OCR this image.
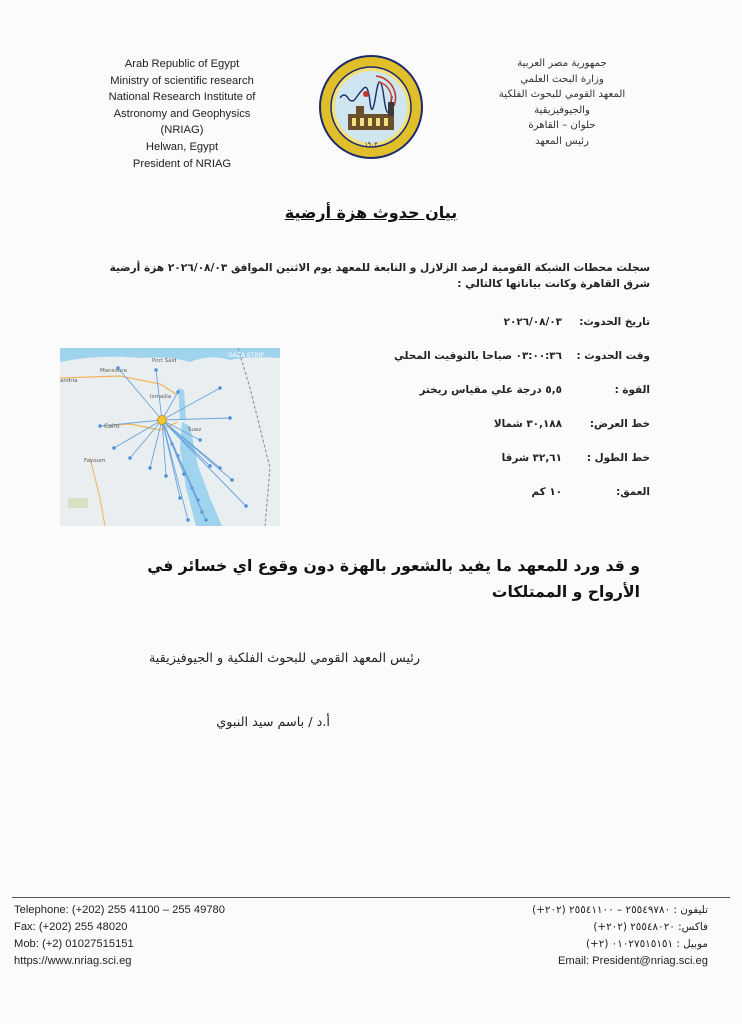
Arab Republic of Egypt
Ministry of scientific research
National Research Institute of
Astronomy and Geophysics
(NRIAG)
Helwan, Egypt
President of NRIAG
۱۹۰۳
جمهورية مصر العربية
وزارة البحث العلمي
المعهد القومي للبحوث الفلكية
والجيوفيزيقية
حلوان – القاهرة
رئيس المعهد
بيان حدوث هزة أرضية
سجلت محطات الشبكة القومية لرصد الزلازل و التابعة للمعهد يوم الاثنين الموافق ٢٠٢٦/٠٨/٠٣ هزة أرضية شرق القاهرة وكانت بياناتها كالتالي :
تاريخ الحدوث:
٢٠٢٦/٠٨/٠٣
وقت الحدوث :
٠٣:٠٠:٣٦ صباحا بالتوقيت المحلي
القوة :
٥,٥ درجة علي مقياس ريختر
خط العرض:
٣٠,١٨٨ شمالا
خط الطول :
٣٢,٦١ شرقا
العمق:
١٠ كم
GAZA STRIP
Port Said
Mansoura
Ismailia
Cairo	Suez
Fayoum
andria
و قد ورد للمعهد ما يفيد بالشعور بالهزة دون وقوع اي خسائر في الأرواح و الممتلكات
رئيس المعهد القومي للبحوث الفلكية و الجيوفيزيقية
أ.د / باسم سيد النبوي
Telephone: (+202) 255 41100 – 255 49780
Fax: (+202) 255 48020
Mob: (+2) 01027515151
https://www.nriag.sci.eg
تليفون : ٢٥٥٤٩٧٨٠ – ٢٥٥٤١١٠٠ (٢٠٢+)
فاكس: ٢٥٥٤٨٠٢٠ (٢٠٢+)
موبيل : ٠١٠٢٧٥١٥١٥١ (٢+)
Email: President@nriag.sci.eg
